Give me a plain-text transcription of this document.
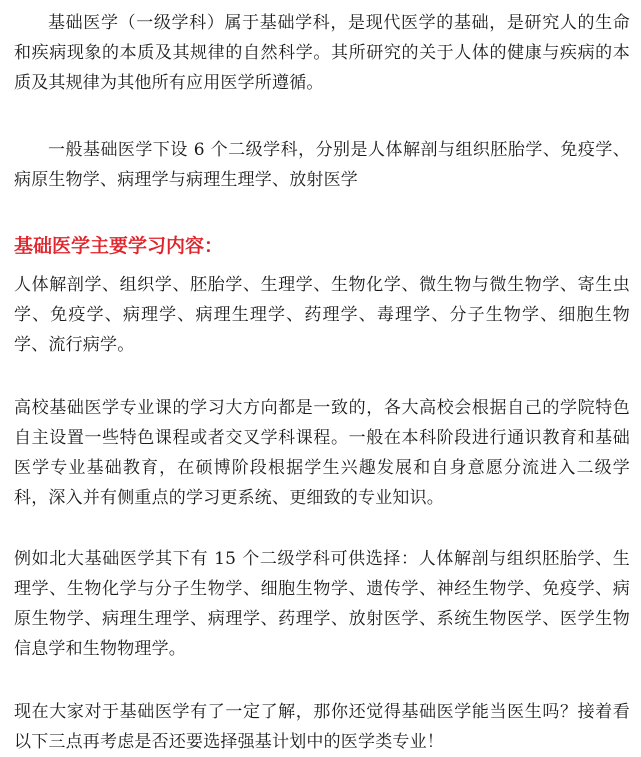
基础医学（一级学科）属于基础学科，是现代医学的基础，是研究人的生命和疾病现象的本质及其规律的自然科学。其所研究的关于人体的健康与疾病的本质及其规律为其他所有应用医学所遵循。

一般基础医学下设 6 个二级学科，分别是人体解剖与组织胚胎学、免疫学、病原生物学、病理学与病理生理学、放射医学

基础医学主要学习内容：

人体解剖学、组织学、胚胎学、生理学、生物化学、微生物与微生物学、寄生虫学、免疫学、病理学、病理生理学、药理学、毒理学、分子生物学、细胞生物学、流行病学。

高校基础医学专业课的学习大方向都是一致的，各大高校会根据自己的学院特色自主设置一些特色课程或者交叉学科课程。一般在本科阶段进行通识教育和基础医学专业基础教育，在硕博阶段根据学生兴趣发展和自身意愿分流进入二级学科，深入并有侧重点的学习更系统、更细致的专业知识。

例如北大基础医学其下有 15 个二级学科可供选择：人体解剖与组织胚胎学、生理学、生物化学与分子生物学、细胞生物学、遗传学、神经生物学、免疫学、病原生物学、病理生理学、病理学、药理学、放射医学、系统生物医学、医学生物信息学和生物物理学。

现在大家对于基础医学有了一定了解，那你还觉得基础医学能当医生吗？接着看以下三点再考虑是否还要选择强基计划中的医学类专业！
